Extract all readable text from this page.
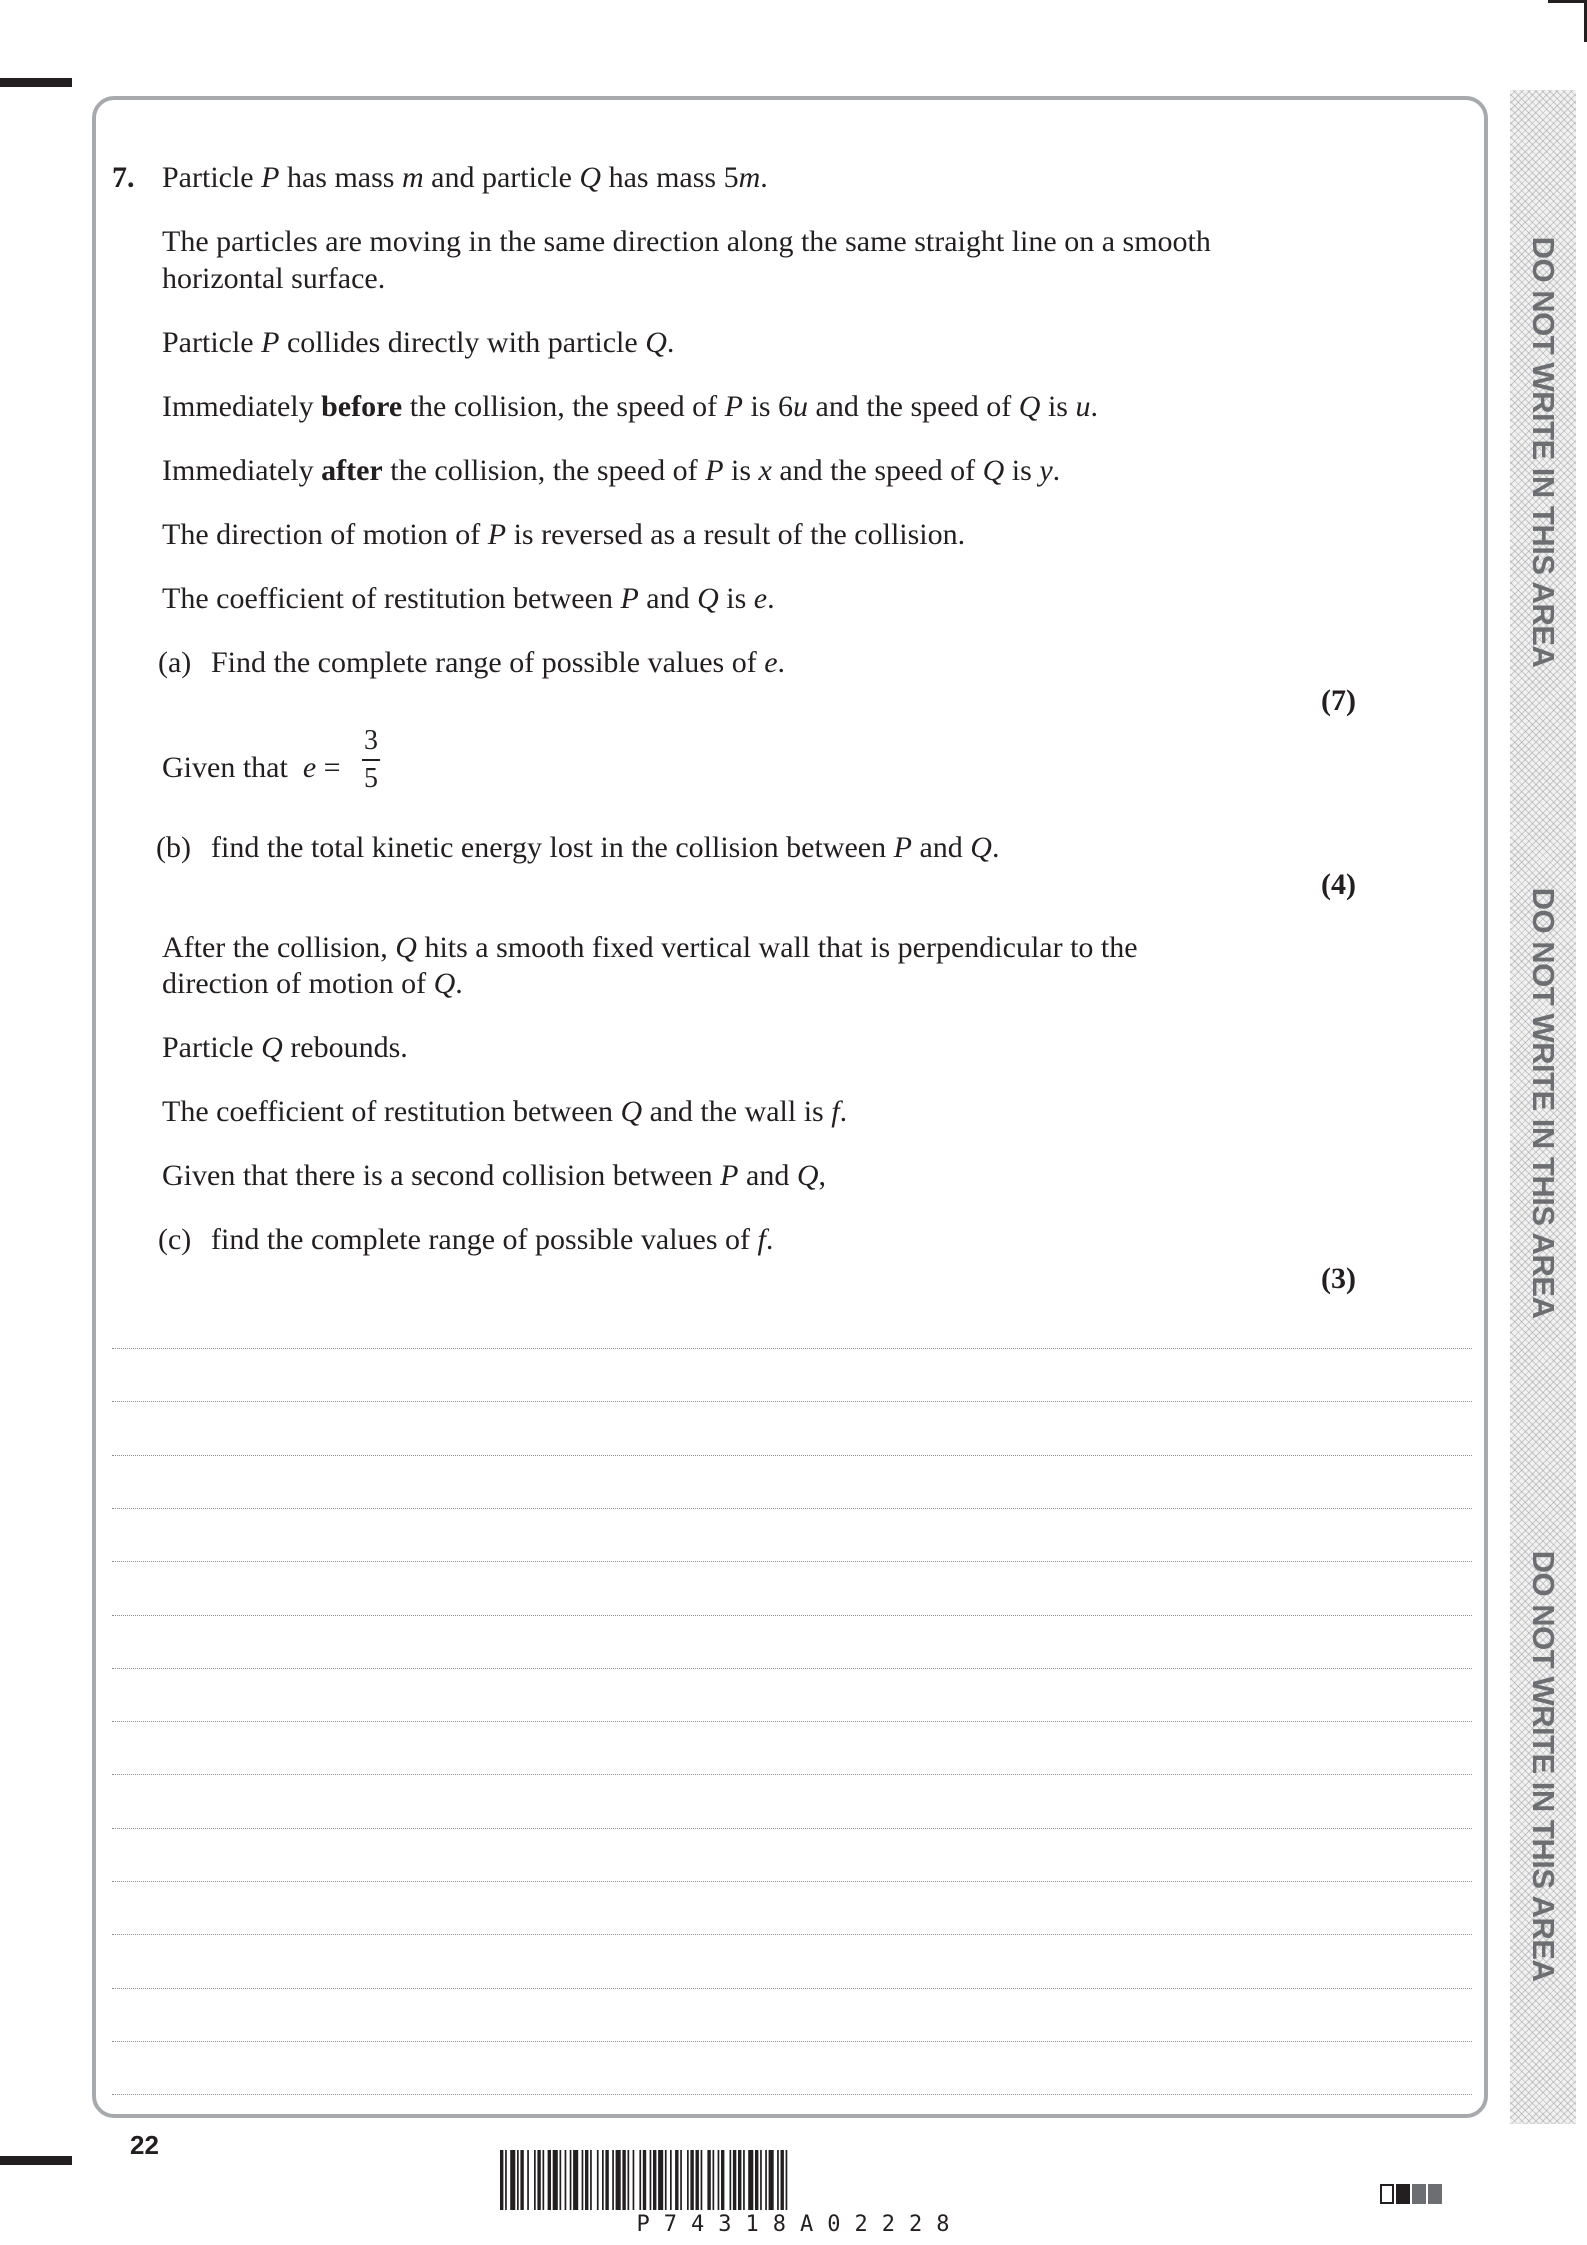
DO NOT WRITE IN THIS AREA
DO NOT WRITE IN THIS AREA
DO NOT WRITE IN THIS AREA
7. Particle P has mass m and particle Q has mass 5m.
The particles are moving in the same direction along the same straight line on a smooth
horizontal surface.
Particle P collides directly with particle Q.
Immediately before the collision, the speed of P is 6u and the speed of Q is u.
Immediately after the collision, the speed of P is x and the speed of Q is y.
The direction of motion of P is reversed as a result of the collision.
The coefficient of restitution between P and Q is e.
(a) Find the complete range of possible values of e.
(7)
Given that e =
3
5
(b) find the total kinetic energy lost in the collision between P and Q.
(4)
After the collision, Q hits a smooth fixed vertical wall that is perpendicular to the
direction of motion of Q.
Particle Q rebounds.
The coefficient of restitution between Q and the wall is f.
Given that there is a second collision between P and Q,
(c) find the complete range of possible values of f.
(3)
22
P74318A02228
